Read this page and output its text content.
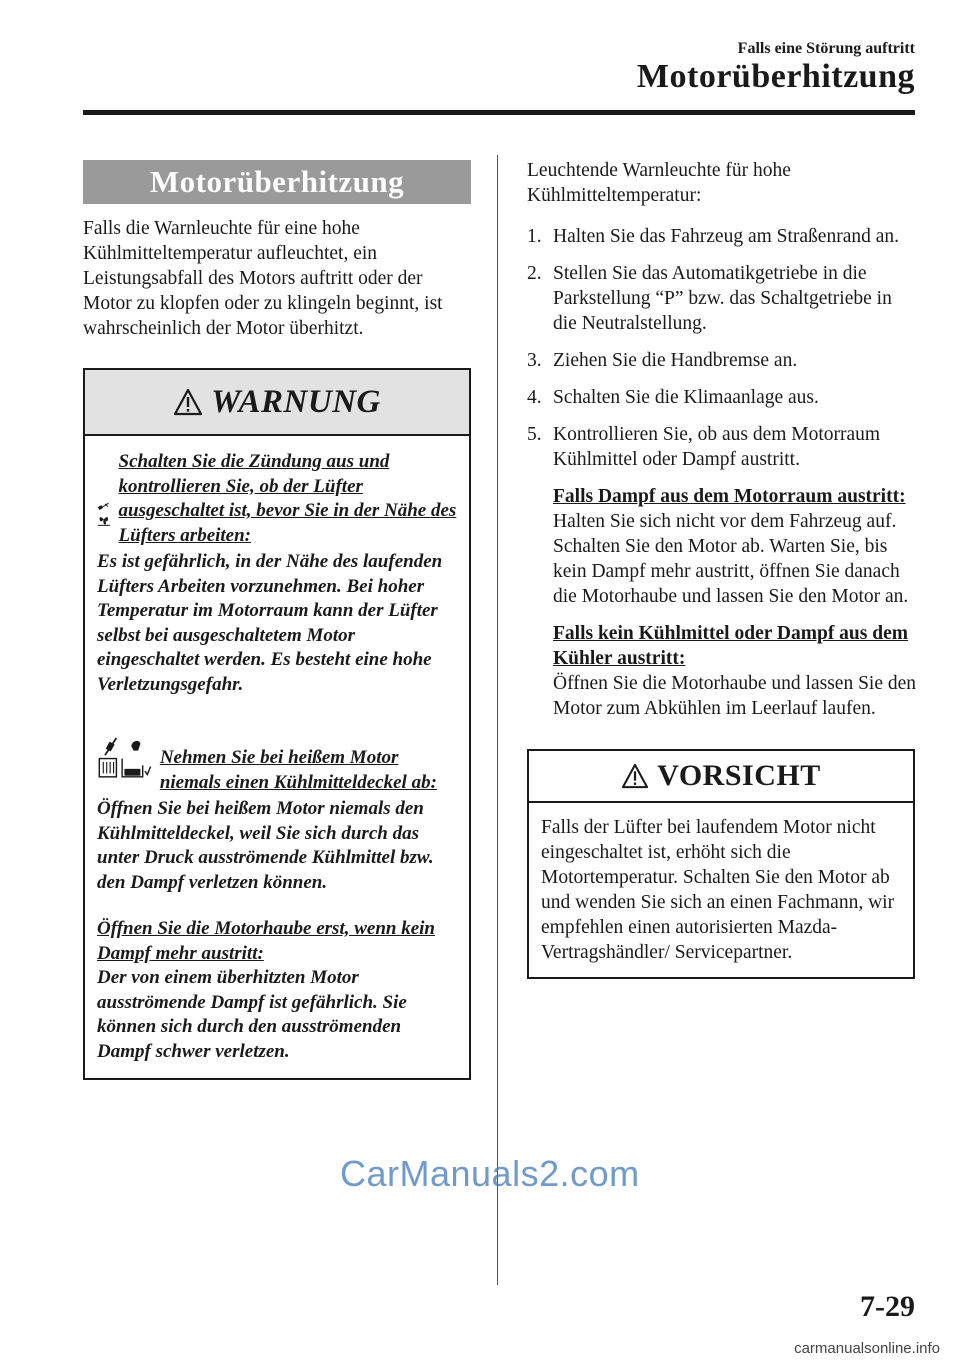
Falls eine Störung auftritt
Motorüberhitzung
Motorüberhitzung
Falls die Warnleuchte für eine hohe Kühlmitteltemperatur aufleuchtet, ein Leistungsabfall des Motors auftritt oder der Motor zu klopfen oder zu klingeln beginnt, ist wahrscheinlich der Motor überhitzt.
WARNUNG
Schalten Sie die Zündung aus und kontrollieren Sie, ob der Lüfter ausgeschaltet ist, bevor Sie in der Nähe des Lüfters arbeiten:
Es ist gefährlich, in der Nähe des laufenden Lüfters Arbeiten vorzunehmen. Bei hoher Temperatur im Motorraum kann der Lüfter selbst bei ausgeschaltetem Motor eingeschaltet werden. Es besteht eine hohe Verletzungsgefahr.
Nehmen Sie bei heißem Motor niemals einen Kühlmitteldeckel ab:
Öffnen Sie bei heißem Motor niemals den Kühlmitteldeckel, weil Sie sich durch das unter Druck ausströmende Kühlmittel bzw. den Dampf verletzen können.
Öffnen Sie die Motorhaube erst, wenn kein Dampf mehr austritt:
Der von einem überhitzten Motor ausströmende Dampf ist gefährlich. Sie können sich durch den ausströmenden Dampf schwer verletzen.
Leuchtende Warnleuchte für hohe Kühlmitteltemperatur:
1. Halten Sie das Fahrzeug am Straßenrand an.
2. Stellen Sie das Automatikgetriebe in die Parkstellung “P” bzw. das Schaltgetriebe in die Neutralstellung.
3. Ziehen Sie die Handbremse an.
4. Schalten Sie die Klimaanlage aus.
5. Kontrollieren Sie, ob aus dem Motorraum Kühlmittel oder Dampf austritt.
Falls Dampf aus dem Motorraum austritt:
Halten Sie sich nicht vor dem Fahrzeug auf. Schalten Sie den Motor ab. Warten Sie, bis kein Dampf mehr austritt, öffnen Sie danach die Motorhaube und lassen Sie den Motor an.
Falls kein Kühlmittel oder Dampf aus dem Kühler austritt:
Öffnen Sie die Motorhaube und lassen Sie den Motor zum Abkühlen im Leerlauf laufen.
VORSICHT
Falls der Lüfter bei laufendem Motor nicht eingeschaltet ist, erhöht sich die Motortemperatur. Schalten Sie den Motor ab und wenden Sie sich an einen Fachmann, wir empfehlen einen autorisierten Mazda-Vertragshändler/ Servicepartner.
CarManuals2.com
7-29
carmanualsonline.info
